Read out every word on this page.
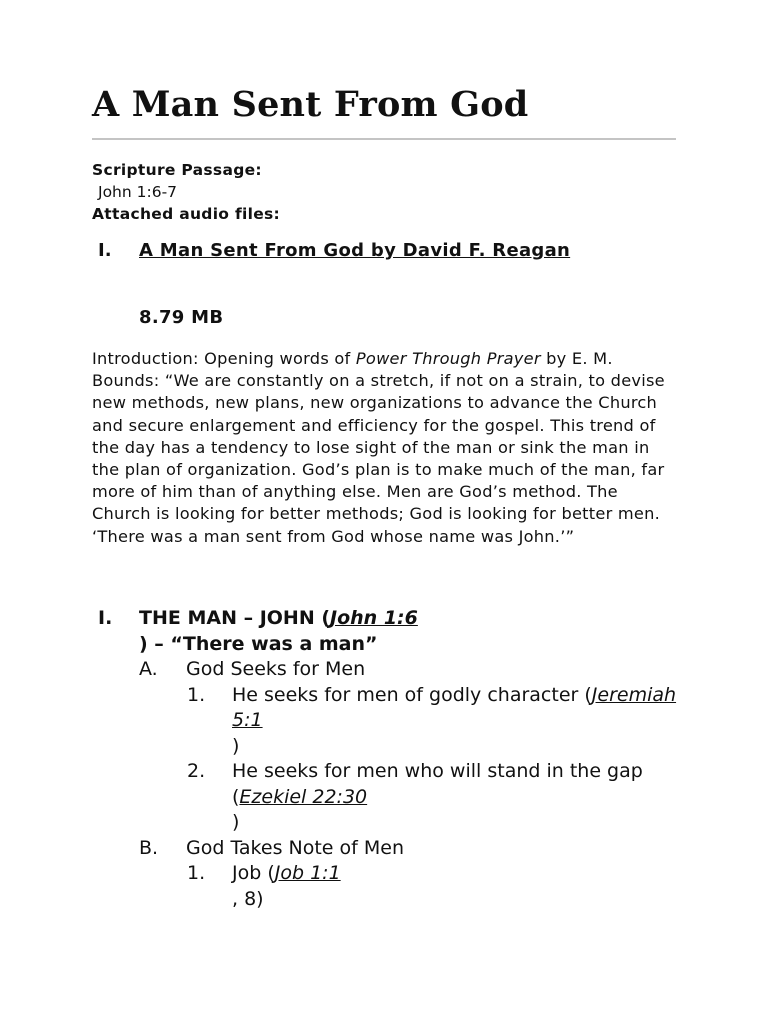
A Man Sent From God
Scripture Passage:
John 1:6-7
Attached audio files:
I. A Man Sent From God by David F. Reagan
8.79 MB

Introduction: Opening words of Power Through Prayer by E. M. Bounds: “We are constantly on a stretch, if not on a strain, to devise new methods, new plans, new organizations to advance the Church and secure enlargement and efficiency for the gospel. This trend of the day has a tendency to lose sight of the man or sink the man in the plan of organization. God’s plan is to make much of the man, far more of him than of anything else. Men are God’s method. The Church is looking for better methods; God is looking for better men. ‘There was a man sent from God whose name was John.’”

I. THE MAN – JOHN (John 1:6
) – “There was a man”
A. God Seeks for Men
1. He seeks for men of godly character (Jeremiah 5:1
)
2. He seeks for men who will stand in the gap (Ezekiel 22:30
)
B. God Takes Note of Men
1. Job (Job 1:1
, 8)
